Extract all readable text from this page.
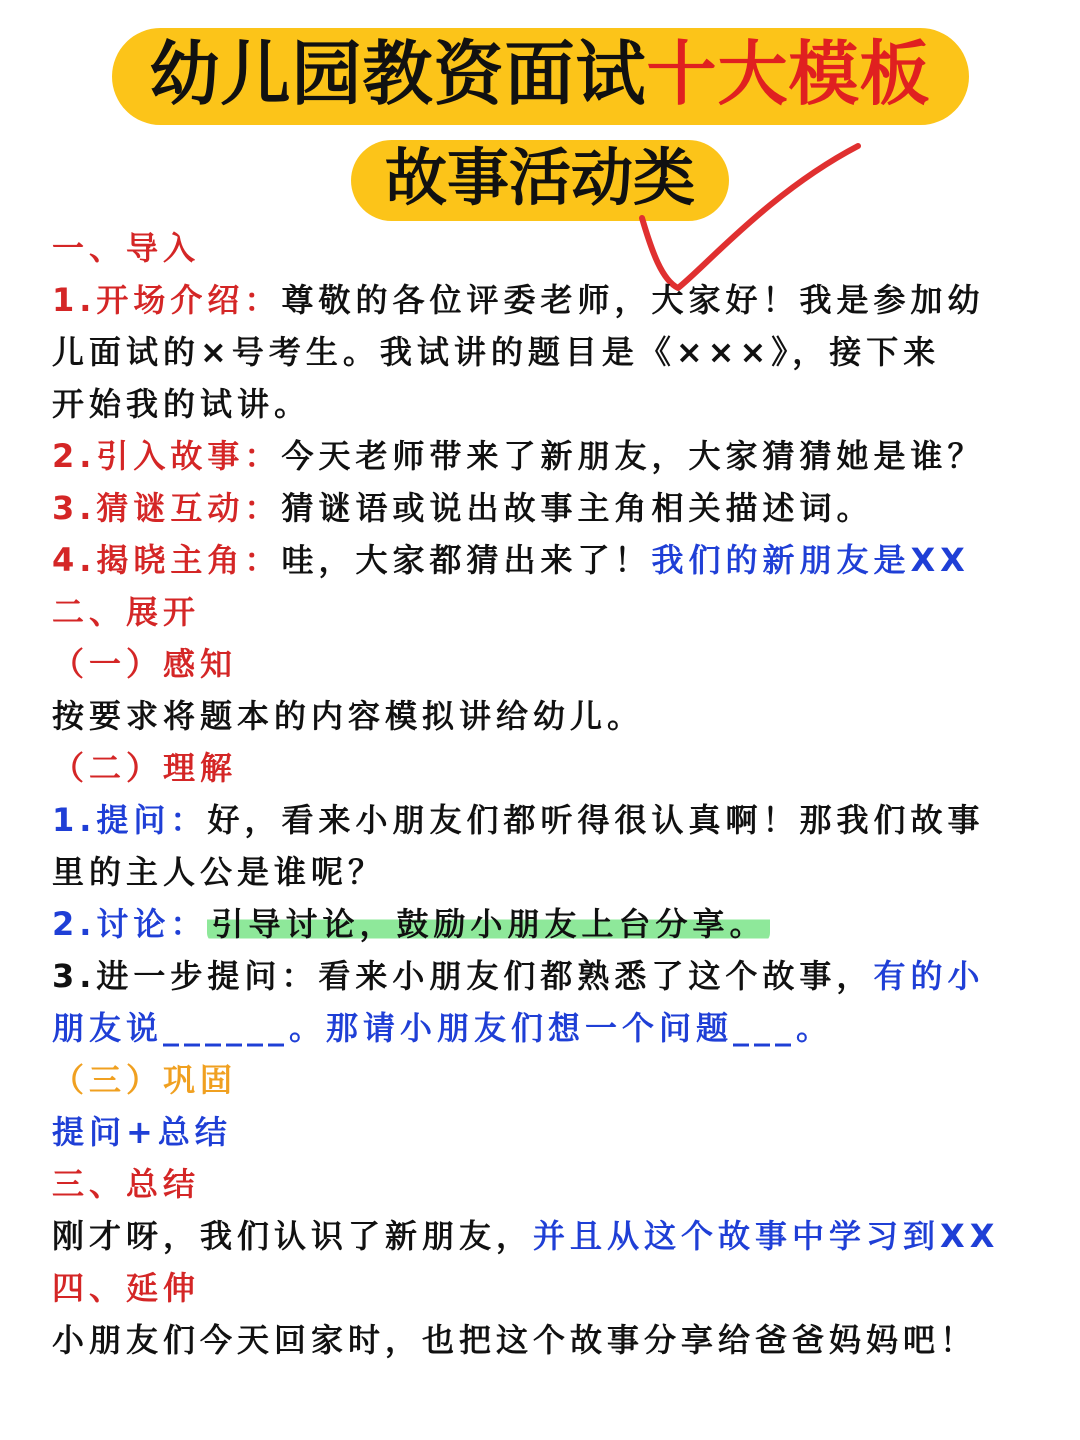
幼儿园教资面试十大模板
故事活动类
一、导入
1.开场介绍：尊敬的各位评委老师，大家好！我是参加幼
儿面试的×号考生。我试讲的题目是《×××》，接下来
开始我的试讲。
2.引入故事：今天老师带来了新朋友，大家猜猜她是谁？
3.猜谜互动：猜谜语或说出故事主角相关描述词。
4.揭晓主角：哇，大家都猜出来了！我们的新朋友是XX
二、展开
（一）感知
按要求将题本的内容模拟讲给幼儿。
（二）理解
1.提问：好，看来小朋友们都听得很认真啊！那我们故事
里的主人公是谁呢？
2.讨论： 引导讨论，鼓励小朋友上台分享。
3.进一步提问：看来小朋友们都熟悉了这个故事，有的小
朋友说______。那请小朋友们想一个问题___。
（三）巩固
提问+总结
三、总结
刚才呀，我们认识了新朋友，并且从这个故事中学习到XX
四、延伸
小朋友们今天回家时，也把这个故事分享给爸爸妈妈吧！
